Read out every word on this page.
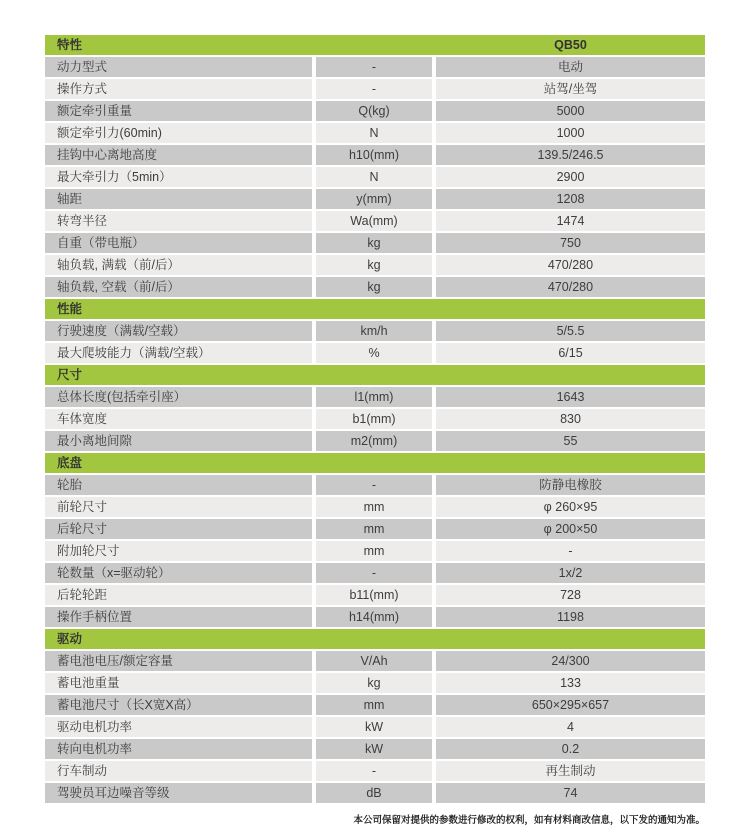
特性	QB50
动力型式	-	电动
操作方式	-	站驾/坐驾
额定牵引重量	Q(kg)	5000
额定牵引力(60min)	N	1000
挂钩中心离地高度	h10(mm)	139.5/246.5
最大牵引力（5min）	N	2900
轴距	y(mm)	1208
转弯半径	Wa(mm)	1474
自重（带电瓶）	kg	750
轴负载, 满载（前/后）	kg	470/280
轴负载, 空载（前/后）	kg	470/280
性能
行驶速度（满载/空载）	km/h	5/5.5
最大爬坡能力（满载/空载）	%	6/15
尺寸
总体长度(包括牵引座）	l1(mm)	1643
车体宽度	b1(mm)	830
最小离地间隙	m2(mm)	55
底盘
轮胎	-	防静电橡胶
前轮尺寸	mm	φ 260×95
后轮尺寸	mm	φ 200×50
附加轮尺寸	mm	-
轮数量（x=驱动轮）	-	1x/2
后轮轮距	b11(mm)	728
操作手柄位置	h14(mm)	1198
驱动
蓄电池电压/额定容量	V/Ah	24/300
蓄电池重量	kg	133
蓄电池尺寸（长X宽X高）	mm	650×295×657
驱动电机功率	kW	4
转向电机功率	kW	0.2
行车制动	-	再生制动
驾驶员耳边噪音等级	dB	74
本公司保留对提供的参数进行修改的权利，如有材料商改信息，以下发的通知为准。
